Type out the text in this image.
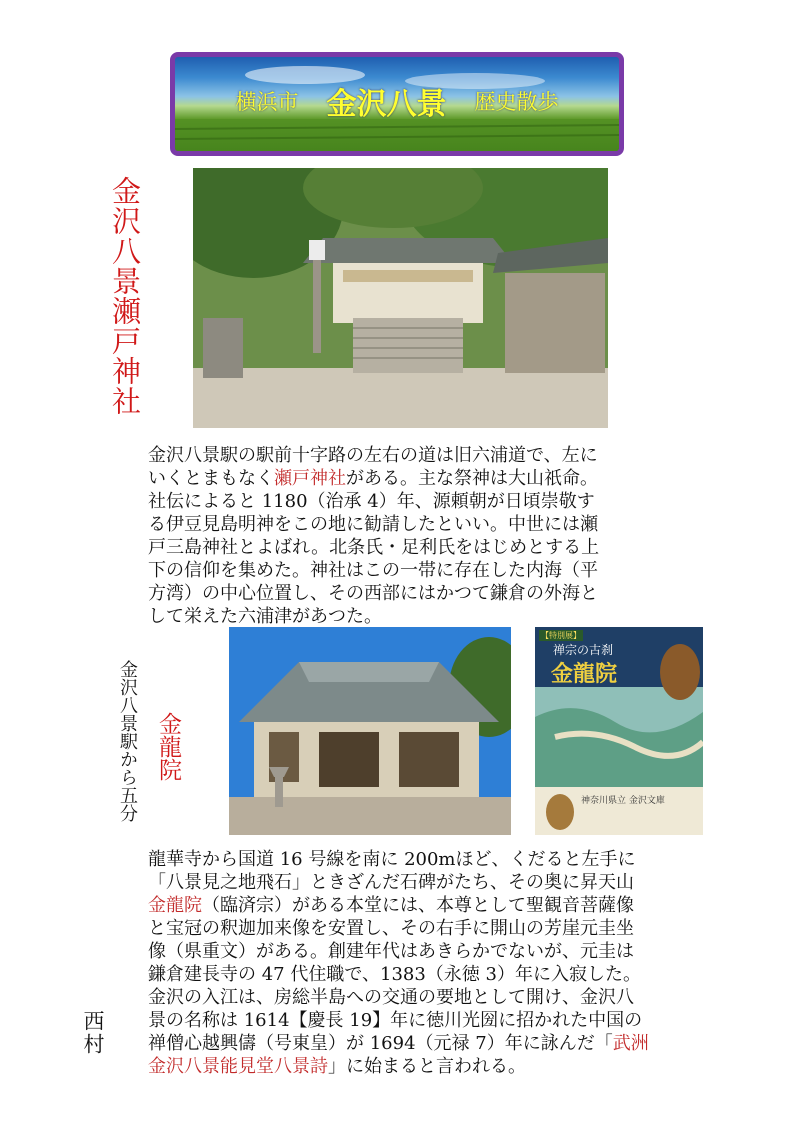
横浜市 金沢八景 歴史散歩
金沢八景瀬戸神社
金沢八景駅の駅前十字路の左右の道は旧六浦道で、左に
いくとまもなく瀬戸神社がある。主な祭神は大山祇命。
社伝によると 1180（治承 4）年、源頼朝が日頃崇敬す
る伊豆見島明神をこの地に勧請したといい。中世には瀬
戸三島神社とよばれ。北条氏・足利氏をはじめとする上
下の信仰を集めた。神社はこの一帯に存在した内海（平
方湾）の中心位置し、その西部にはかつて鎌倉の外海と
して栄えた六浦津があつた。
金沢八景駅から五分 金龍院
【特別展】
禅宗の古刹
金龍院
神奈川県立 金沢文庫
龍華寺から国道 16 号線を南に 200mほど、くだると左手に
「八景見之地飛石」ときざんだ石碑がたち、その奥に昇天山
金龍院（臨済宗）がある本堂には、本尊として聖観音菩薩像
と宝冠の釈迦加来像を安置し、その右手に開山の芳崖元圭坐
像（県重文）がある。創建年代はあきらかでないが、元圭は
鎌倉建長寺の 47 代住職で、1383（永徳 3）年に入寂した。
金沢の入江は、房総半島への交通の要地として開け、金沢八
景の名称は 1614【慶長 19】年に徳川光圀に招かれた中国の
禅僧心越興儔（号東皇）が 1694（元禄 7）年に詠んだ「武洲
金沢八景能見堂八景詩」に始まると言われる。
西村
